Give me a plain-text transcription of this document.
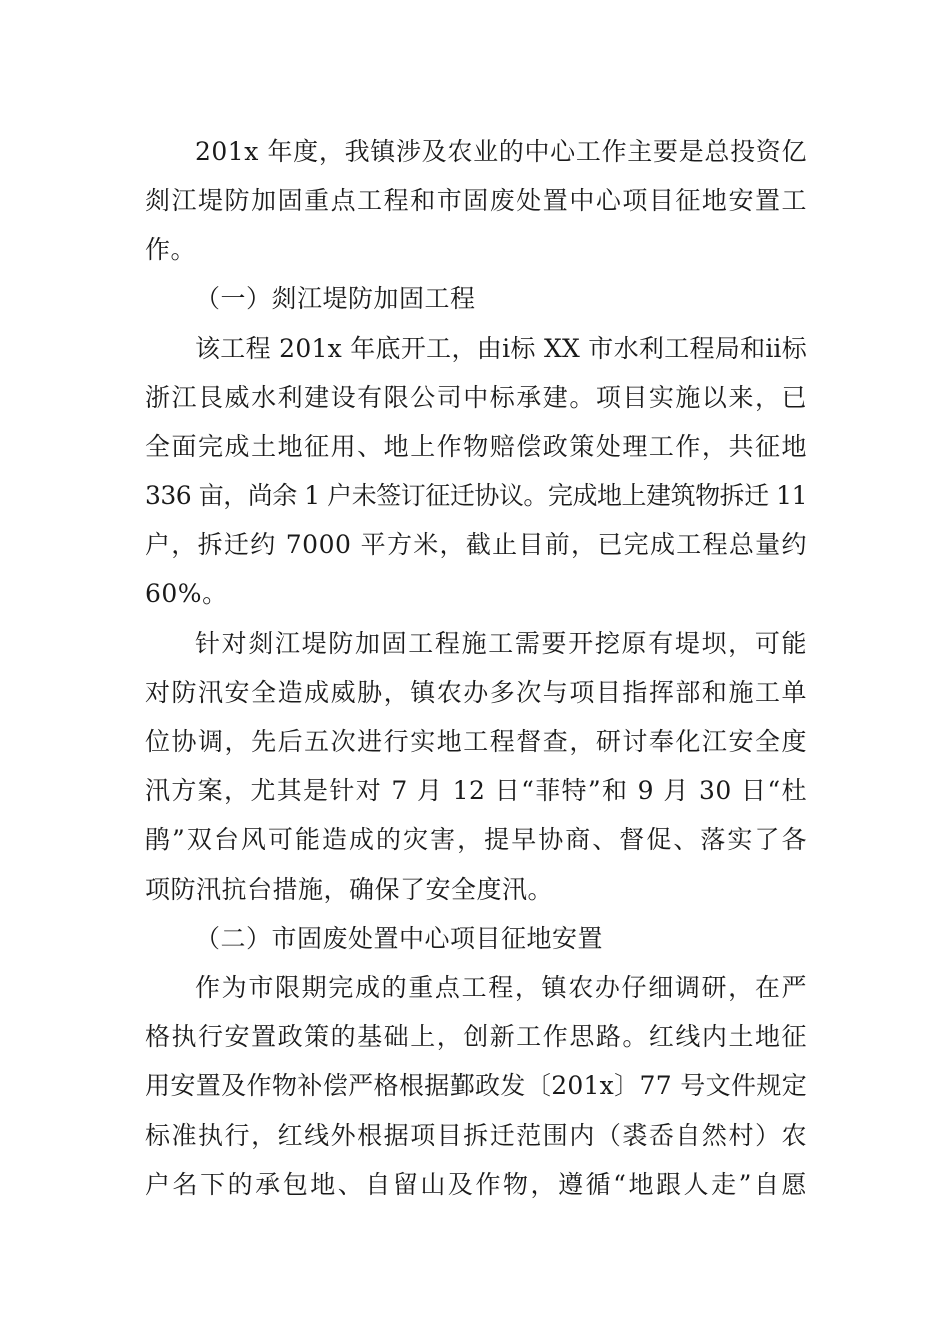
201x 年度，我镇涉及农业的中心工作主要是总投资亿
剡江堤防加固重点工程和市固废处置中心项目征地安置工
作。
（一）剡江堤防加固工程
该工程 201x 年底开工，由ⅰ标 XX 市水利工程局和ⅱ标
浙江艮威水利建设有限公司中标承建。项目实施以来，已
全面完成土地征用、地上作物赔偿政策处理工作，共征地
336 亩，尚余 1 户未签订征迁协议。完成地上建筑物拆迁 11
户，拆迁约 7000 平方米，截止目前，已完成工程总量约
60%。
针对剡江堤防加固工程施工需要开挖原有堤坝，可能
对防汛安全造成威胁，镇农办多次与项目指挥部和施工单
位协调，先后五次进行实地工程督查，研讨奉化江安全度
汛方案，尤其是针对 7 月 12 日“菲特”和 9 月 30 日“杜
鹃”双台风可能造成的灾害，提早协商、督促、落实了各
项防汛抗台措施，确保了安全度汛。
（二）市固废处置中心项目征地安置
作为市限期完成的重点工程，镇农办仔细调研，在严
格执行安置政策的基础上，创新工作思路。红线内土地征
用安置及作物补偿严格根据鄞政发〔201x〕77 号文件规定
标准执行，红线外根据项目拆迁范围内（裘岙自然村）农
户名下的承包地、自留山及作物，遵循“地跟人走”自愿
